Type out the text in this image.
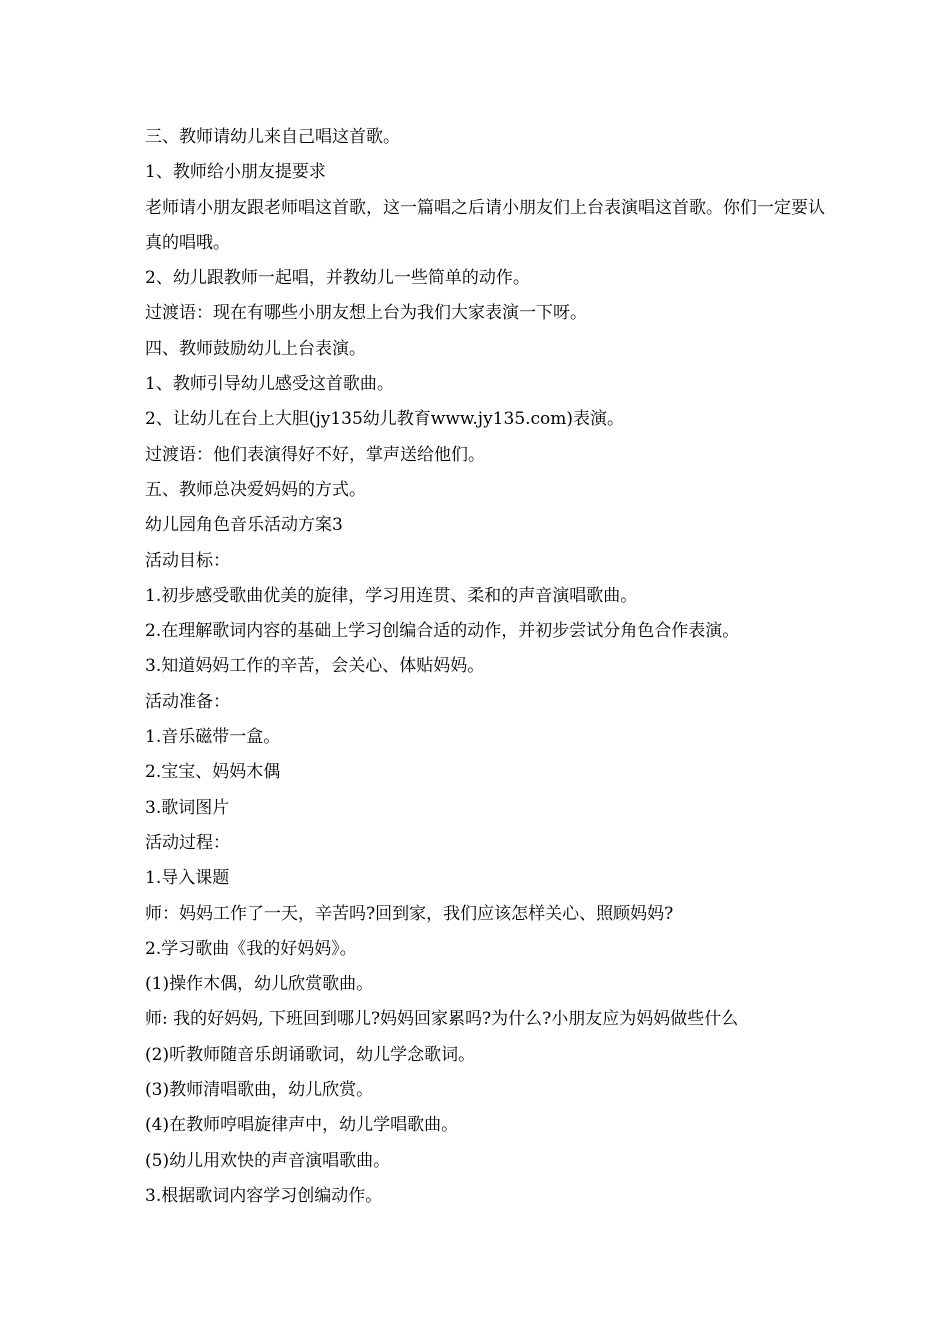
三、教师请幼儿来自己唱这首歌。

1、教师给小朋友提要求

老师请小朋友跟老师唱这首歌，这一篇唱之后请小朋友们上台表演唱这首歌。你们一定要认真的唱哦。

2、幼儿跟教师一起唱，并教幼儿一些简单的动作。

过渡语：现在有哪些小朋友想上台为我们大家表演一下呀。

四、教师鼓励幼儿上台表演。

1、教师引导幼儿感受这首歌曲。

2、让幼儿在台上大胆(jy135幼儿教育www.jy135.com)表演。

过渡语：他们表演得好不好，掌声送给他们。

五、教师总决爱妈妈的方式。

幼儿园角色音乐活动方案3

活动目标：

1.初步感受歌曲优美的旋律，学习用连贯、柔和的声音演唱歌曲。

2.在理解歌词内容的基础上学习创编合适的动作，并初步尝试分角色合作表演。

3.知道妈妈工作的辛苦，会关心、体贴妈妈。

活动准备：

1.音乐磁带一盒。

2.宝宝、妈妈木偶

3.歌词图片

活动过程：

1.导入课题

师：妈妈工作了一天，辛苦吗?回到家，我们应该怎样关心、照顾妈妈?

2.学习歌曲《我的好妈妈》。

(1)操作木偶，幼儿欣赏歌曲。

师: 我的好妈妈, 下班回到哪儿?妈妈回家累吗?为什么?小朋友应为妈妈做些什么

(2)听教师随音乐朗诵歌词，幼儿学念歌词。

(3)教师清唱歌曲，幼儿欣赏。

(4)在教师哼唱旋律声中，幼儿学唱歌曲。

(5)幼儿用欢快的声音演唱歌曲。

3.根据歌词内容学习创编动作。
